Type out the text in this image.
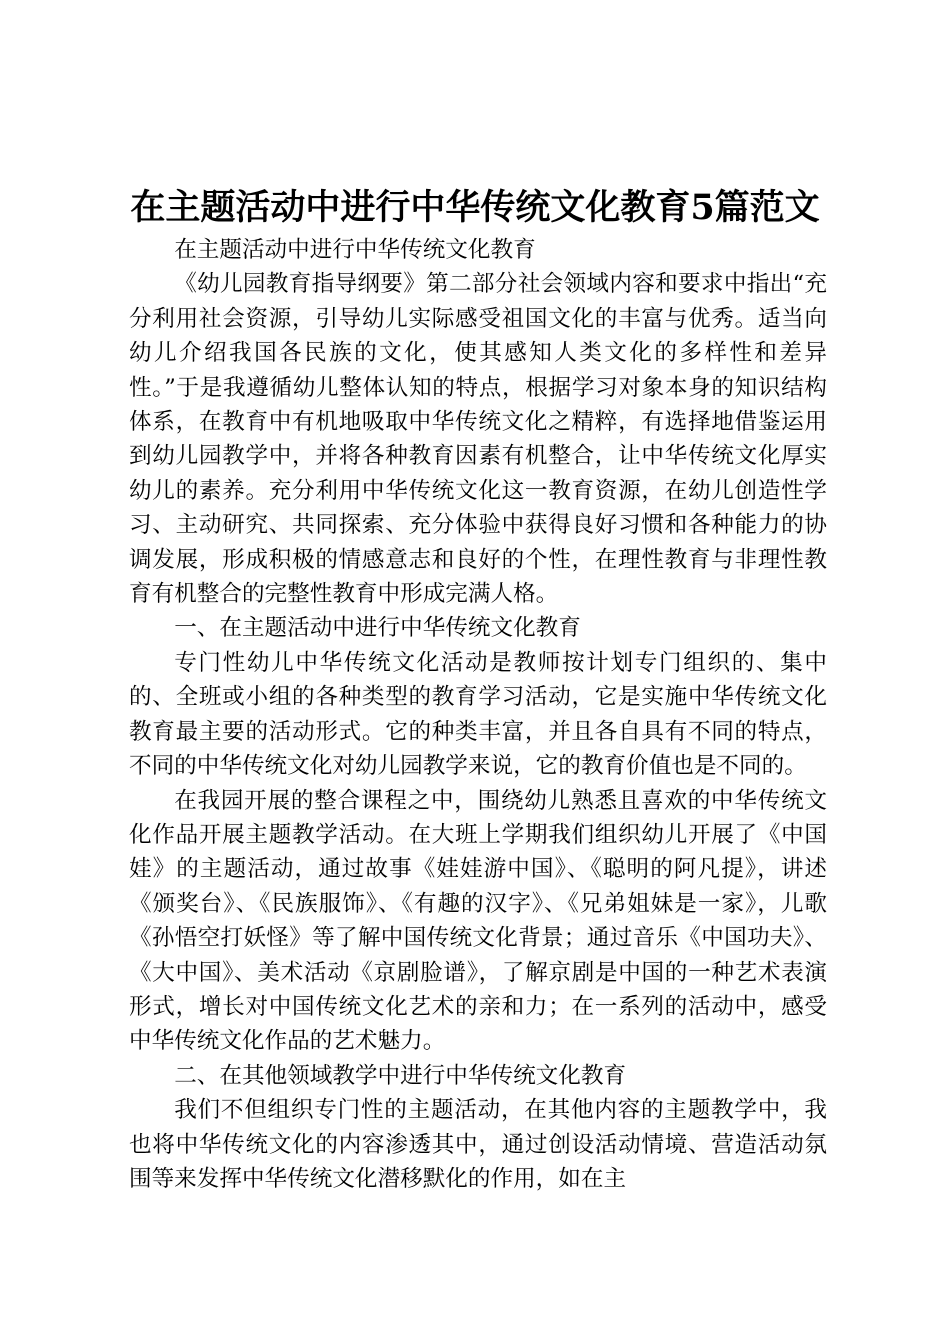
在主题活动中进行中华传统文化教育5篇范文

在主题活动中进行中华传统文化教育

《幼儿园教育指导纲要》第二部分社会领域内容和要求中指出“充分利用社会资源，引导幼儿实际感受祖国文化的丰富与优秀。适当向幼儿介绍我国各民族的文化，使其感知人类文化的多样性和差异性。”于是我遵循幼儿整体认知的特点，根据学习对象本身的知识结构体系，在教育中有机地吸取中华传统文化之精粹，有选择地借鉴运用到幼儿园教学中，并将各种教育因素有机整合，让中华传统文化厚实幼儿的素养。充分利用中华传统文化这一教育资源，在幼儿创造性学习、主动研究、共同探索、充分体验中获得良好习惯和各种能力的协调发展，形成积极的情感意志和良好的个性，在理性教育与非理性教育有机整合的完整性教育中形成完满人格。

一、在主题活动中进行中华传统文化教育

专门性幼儿中华传统文化活动是教师按计划专门组织的、集中的、全班或小组的各种类型的教育学习活动，它是实施中华传统文化教育最主要的活动形式。它的种类丰富，并且各自具有不同的特点，不同的中华传统文化对幼儿园教学来说，它的教育价值也是不同的。

在我园开展的整合课程之中，围绕幼儿熟悉且喜欢的中华传统文化作品开展主题教学活动。在大班上学期我们组织幼儿开展了《中国娃》的主题活动，通过故事《娃娃游中国》、《聪明的阿凡提》，讲述《颁奖台》、《民族服饰》、《有趣的汉字》、《兄弟姐妹是一家》，儿歌《孙悟空打妖怪》等了解中国传统文化背景；通过音乐《中国功夫》、《大中国》、美术活动《京剧脸谱》，了解京剧是中国的一种艺术表演形式，增长对中国传统文化艺术的亲和力；在一系列的活动中，感受中华传统文化作品的艺术魅力。

二、在其他领域教学中进行中华传统文化教育

我们不但组织专门性的主题活动，在其他内容的主题教学中，我也将中华传统文化的内容渗透其中，通过创设活动情境、营造活动氛围等来发挥中华传统文化潜移默化的作用，如在主
